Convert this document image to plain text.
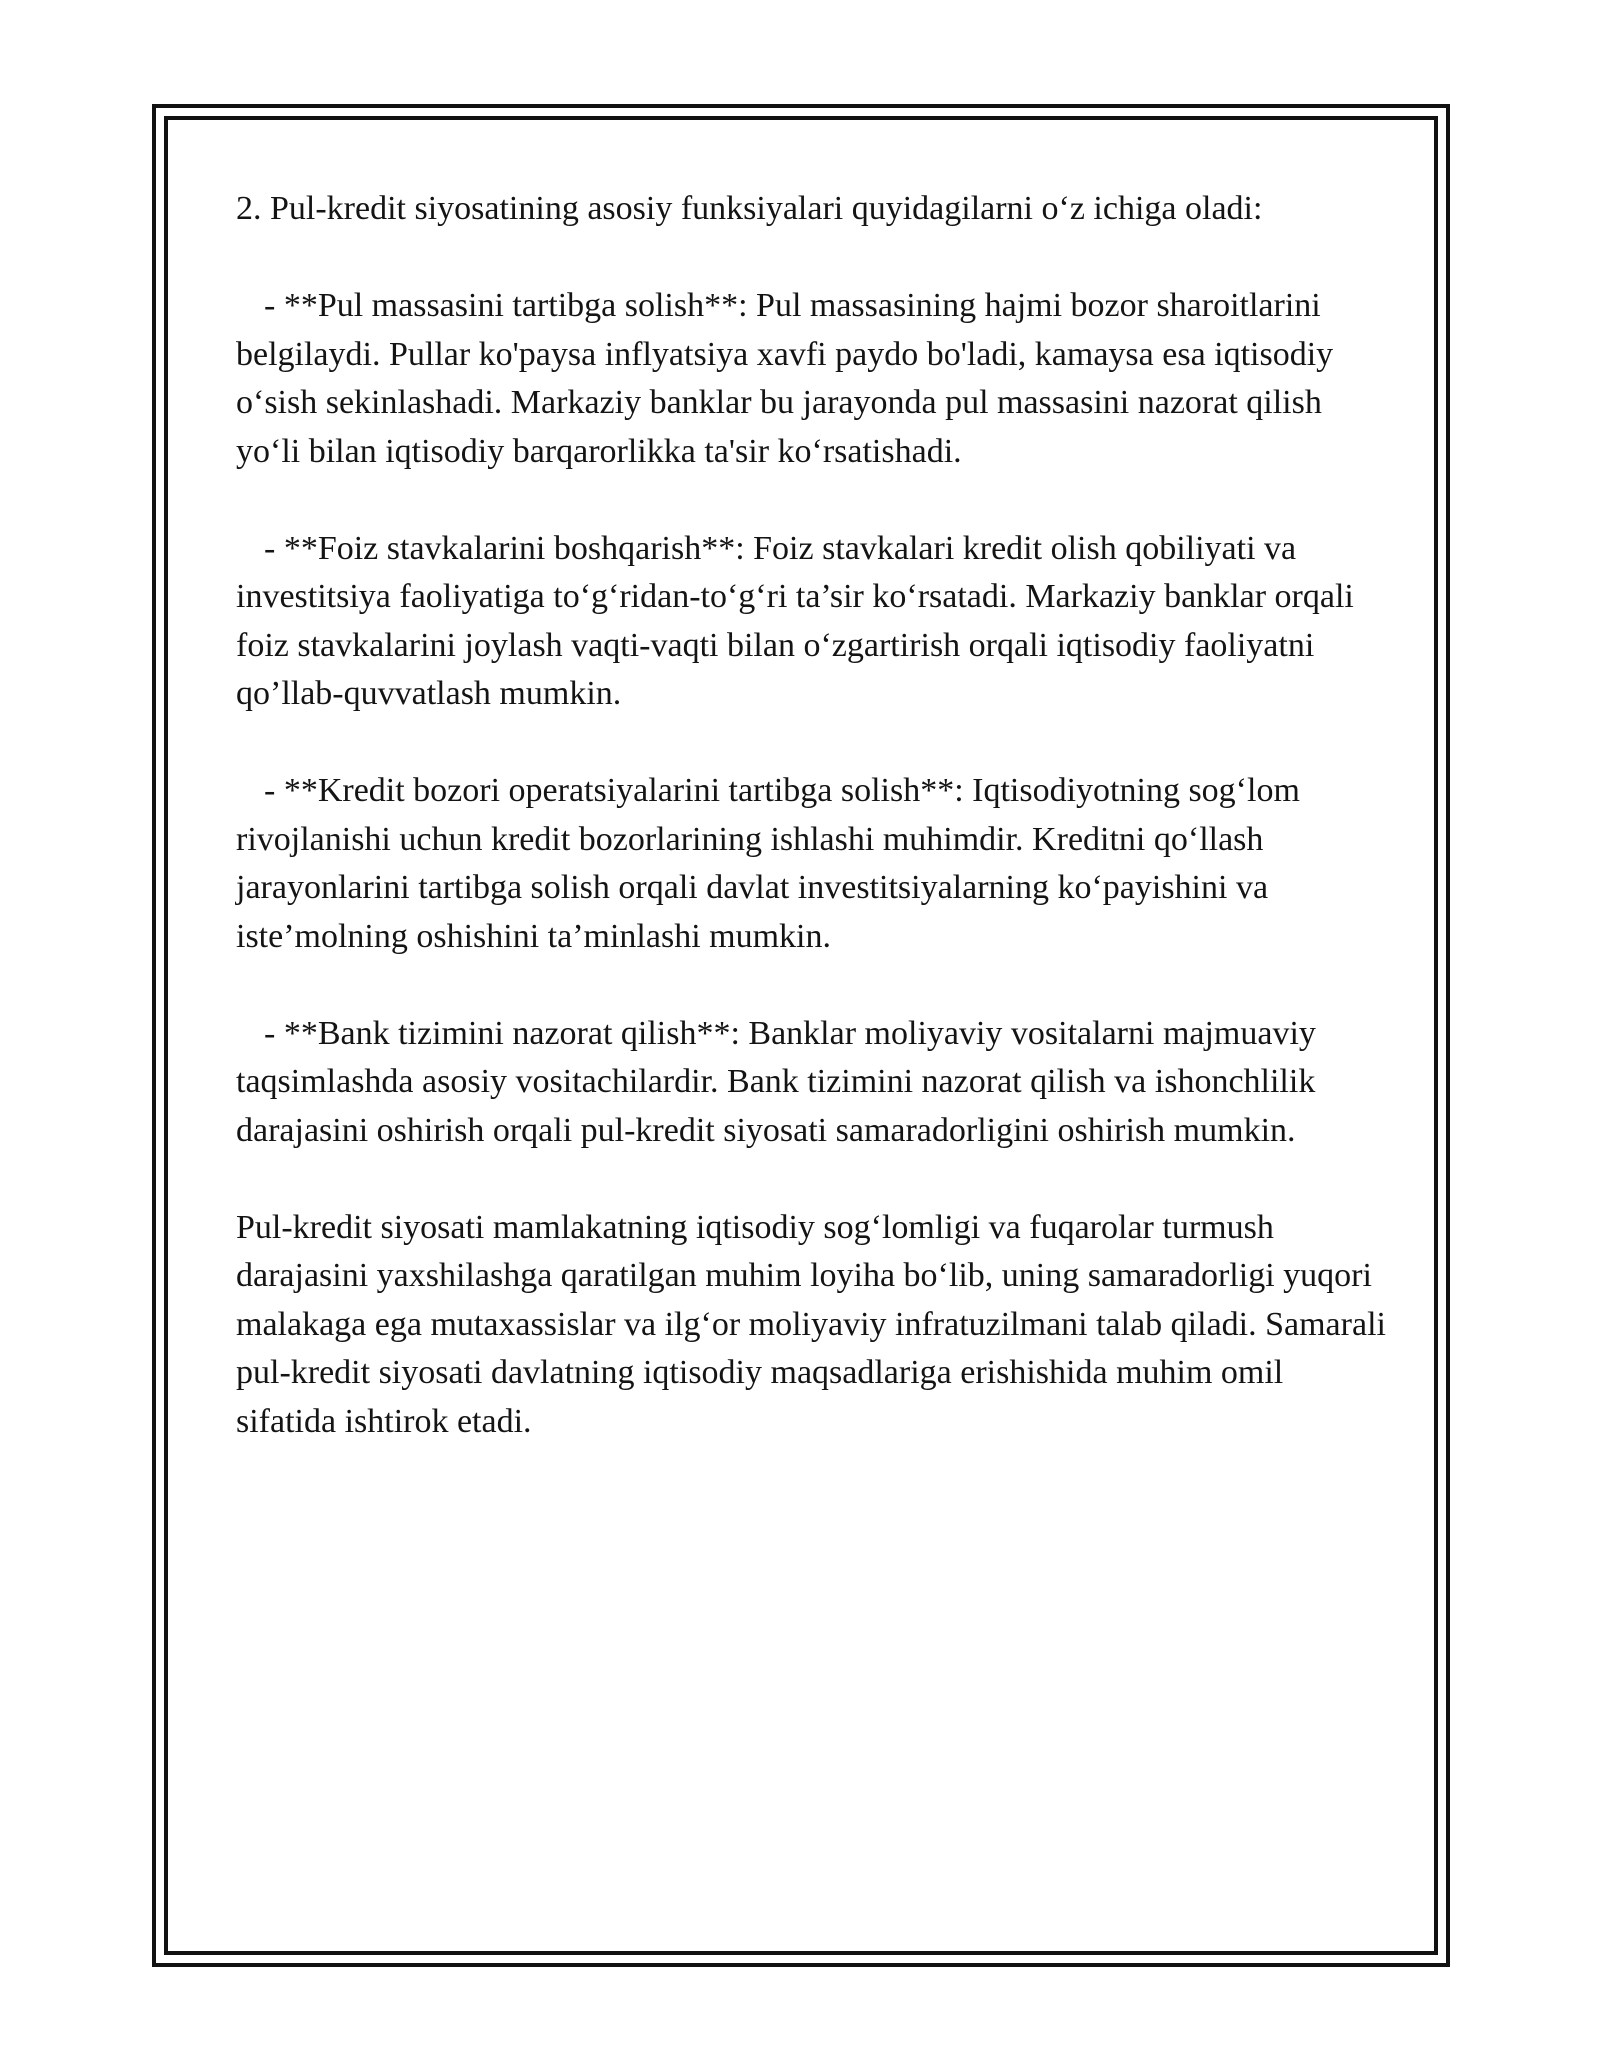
2. Pul-kredit siyosatining asosiy funksiyalari quyidagilarni o‘z ichiga oladi:

- **Pul massasini tartibga solish**: Pul massasining hajmi bozor sharoitlarini belgilaydi. Pullar ko'paysa inflyatsiya xavfi paydo bo'ladi, kamaysa esa iqtisodiy o‘sish sekinlashadi. Markaziy banklar bu jarayonda pul massasini nazorat qilish yo‘li bilan iqtisodiy barqarorlikka ta'sir ko‘rsatishadi.

- **Foiz stavkalarini boshqarish**: Foiz stavkalari kredit olish qobiliyati va investitsiya faoliyatiga to‘g‘ridan-to‘g‘ri ta’sir ko‘rsatadi. Markaziy banklar orqali foiz stavkalarini joylash vaqti-vaqti bilan o‘zgartirish orqali iqtisodiy faoliyatni qo’llab-quvvatlash mumkin.

- **Kredit bozori operatsiyalarini tartibga solish**: Iqtisodiyotning sog‘lom rivojlanishi uchun kredit bozorlarining ishlashi muhimdir. Kreditni qo‘llash jarayonlarini tartibga solish orqali davlat investitsiyalarning ko‘payishini va iste’molning oshishini ta’minlashi mumkin.

- **Bank tizimini nazorat qilish**: Banklar moliyaviy vositalarni majmuaviy taqsimlashda asosiy vositachilardir. Bank tizimini nazorat qilish va ishonchlilik darajasini oshirish orqali pul-kredit siyosati samaradorligini oshirish mumkin.

Pul-kredit siyosati mamlakatning iqtisodiy sog‘lomligi va fuqarolar turmush darajasini yaxshilashga qaratilgan muhim loyiha bo‘lib, uning samaradorligi yuqori malakaga ega mutaxassislar va ilg‘or moliyaviy infratuzilmani talab qiladi. Samarali pul-kredit siyosati davlatning iqtisodiy maqsadlariga erishishida muhim omil sifatida ishtirok etadi.
